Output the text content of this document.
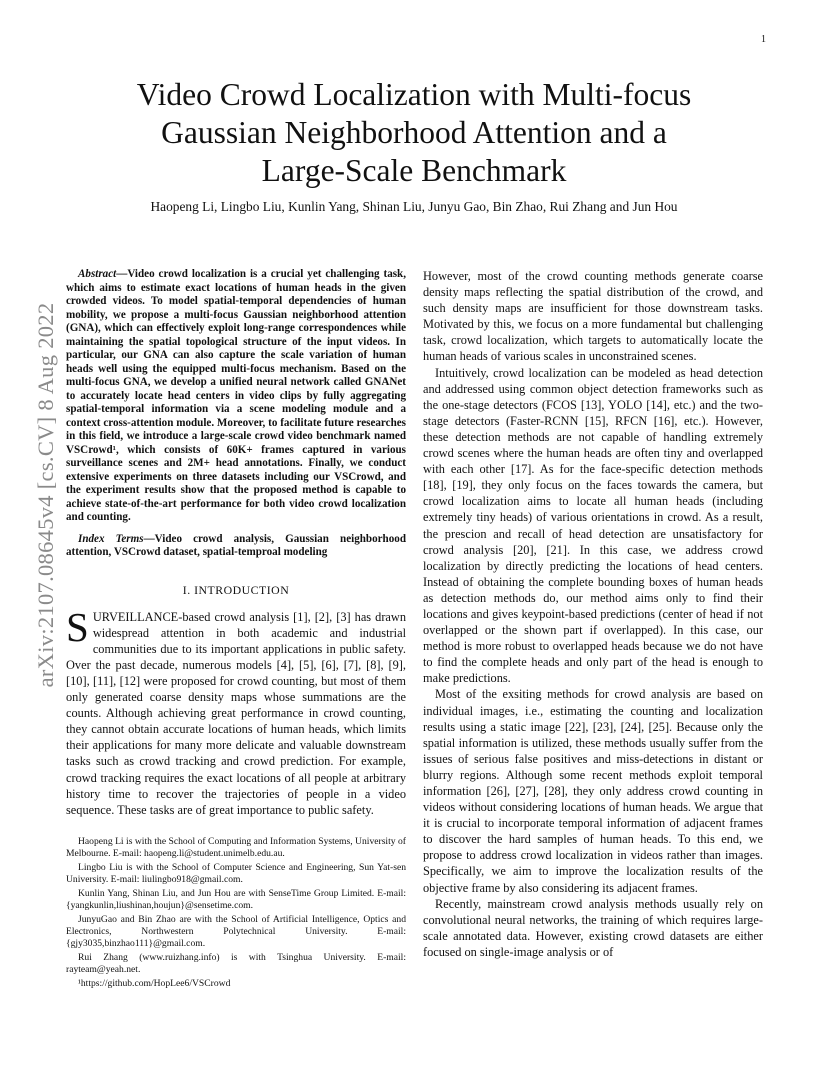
1
arXiv:2107.08645v4 [cs.CV] 8 Aug 2022
Video Crowd Localization with Multi-focus
Gaussian Neighborhood Attention and a
Large-Scale Benchmark
Haopeng Li, Lingbo Liu, Kunlin Yang, Shinan Liu, Junyu Gao, Bin Zhao, Rui Zhang and Jun Hou

Abstract—Video crowd localization is a crucial yet challenging task, which aims to estimate exact locations of human heads in the given crowded videos. To model spatial-temporal dependencies of human mobility, we propose a multi-focus Gaussian neighborhood attention (GNA), which can effectively exploit long-range correspondences while maintaining the spatial topological structure of the input videos. In particular, our GNA can also capture the scale variation of human heads well using the equipped multi-focus mechanism. Based on the multi-focus GNA, we develop a unified neural network called GNANet to accurately locate head centers in video clips by fully aggregating spatial-temporal information via a scene modeling module and a context cross-attention module. Moreover, to facilitate future researches in this field, we introduce a large-scale crowd video benchmark named VSCrowd¹, which consists of 60K+ frames captured in various surveillance scenes and 2M+ head annotations. Finally, we conduct extensive experiments on three datasets including our VSCrowd, and the experiment results show that the proposed method is capable to achieve state-of-the-art performance for both video crowd localization and counting.

Index Terms—Video crowd analysis, Gaussian neighborhood attention, VSCrowd dataset, spatial-temproal modeling

I. INTRODUCTION

SURVEILLANCE-based crowd analysis [1], [2], [3] has drawn widespread attention in both academic and industrial communities due to its important applications in public safety. Over the past decade, numerous models [4], [5], [6], [7], [8], [9], [10], [11], [12] were proposed for crowd counting, but most of them only generated coarse density maps whose summations are the counts. Although achieving great performance in crowd counting, they cannot obtain accurate locations of human heads, which limits their applications for many more delicate and valuable downstream tasks such as crowd tracking and crowd prediction. For example, crowd tracking requires the exact locations of all people at arbitrary history time to recover the trajectories of people in a video sequence. These tasks are of great importance to public safety.

Haopeng Li is with the School of Computing and Information Systems, University of Melbourne. E-mail: haopeng.li@student.unimelb.edu.au.

Lingbo Liu is with the School of Computer Science and Engineering, Sun Yat-sen University. E-mail: liulingbo918@gmail.com.

Kunlin Yang, Shinan Liu, and Jun Hou are with SenseTime Group Limited. E-mail: {yangkunlin,liushinan,houjun}@sensetime.com.

JunyuGao and Bin Zhao are with the School of Artificial Intelligence, Optics and Electronics, Northwestern Polytechnical University. E-mail: {gjy3035,binzhao111}@gmail.com.

Rui Zhang (www.ruizhang.info) is with Tsinghua University. E-mail: rayteam@yeah.net.

¹https://github.com/HopLee6/VSCrowd

However, most of the crowd counting methods generate coarse density maps reflecting the spatial distribution of the crowd, and such density maps are insufficient for those downstream tasks. Motivated by this, we focus on a more fundamental but challenging task, crowd localization, which targets to automatically locate the human heads of various scales in unconstrained scenes.

Intuitively, crowd localization can be modeled as head detection and addressed using common object detection frameworks such as the one-stage detectors (FCOS [13], YOLO [14], etc.) and the two-stage detectors (Faster-RCNN [15], RFCN [16], etc.). However, these detection methods are not capable of handling extremely crowd scenes where the human heads are often tiny and overlapped with each other [17]. As for the face-specific detection methods [18], [19], they only focus on the faces towards the camera, but crowd localization aims to locate all human heads (including extremely tiny heads) of various orientations in crowd. As a result, the prescion and recall of head detection are unsatisfactory for crowd analysis [20], [21]. In this case, we address crowd localization by directly predicting the locations of head centers. Instead of obtaining the complete bounding boxes of human heads as detection methods do, our method aims only to find their locations and gives keypoint-based predictions (center of head if not overlapped or the shown part if overlapped). In this case, our method is more robust to overlapped heads because we do not have to find the complete heads and only part of the head is enough to make predictions.

Most of the exsiting methods for crowd analysis are based on individual images, i.e., estimating the counting and localization results using a static image [22], [23], [24], [25]. Because only the spatial information is utilized, these methods usually suffer from the issues of serious false positives and miss-detections in distant or blurry regions. Although some recent methods exploit temporal information [26], [27], [28], they only address crowd counting in videos without considering locations of human heads. We argue that it is crucial to incorporate temporal information of adjacent frames to discover the hard samples of human heads. To this end, we propose to address crowd localization in videos rather than images. Specifically, we aim to improve the localization results of the objective frame by also considering its adjacent frames.

Recently, mainstream crowd analysis methods usually rely on convolutional neural networks, the training of which requires large-scale annotated data. However, existing crowd datasets are either focused on single-image analysis or of
